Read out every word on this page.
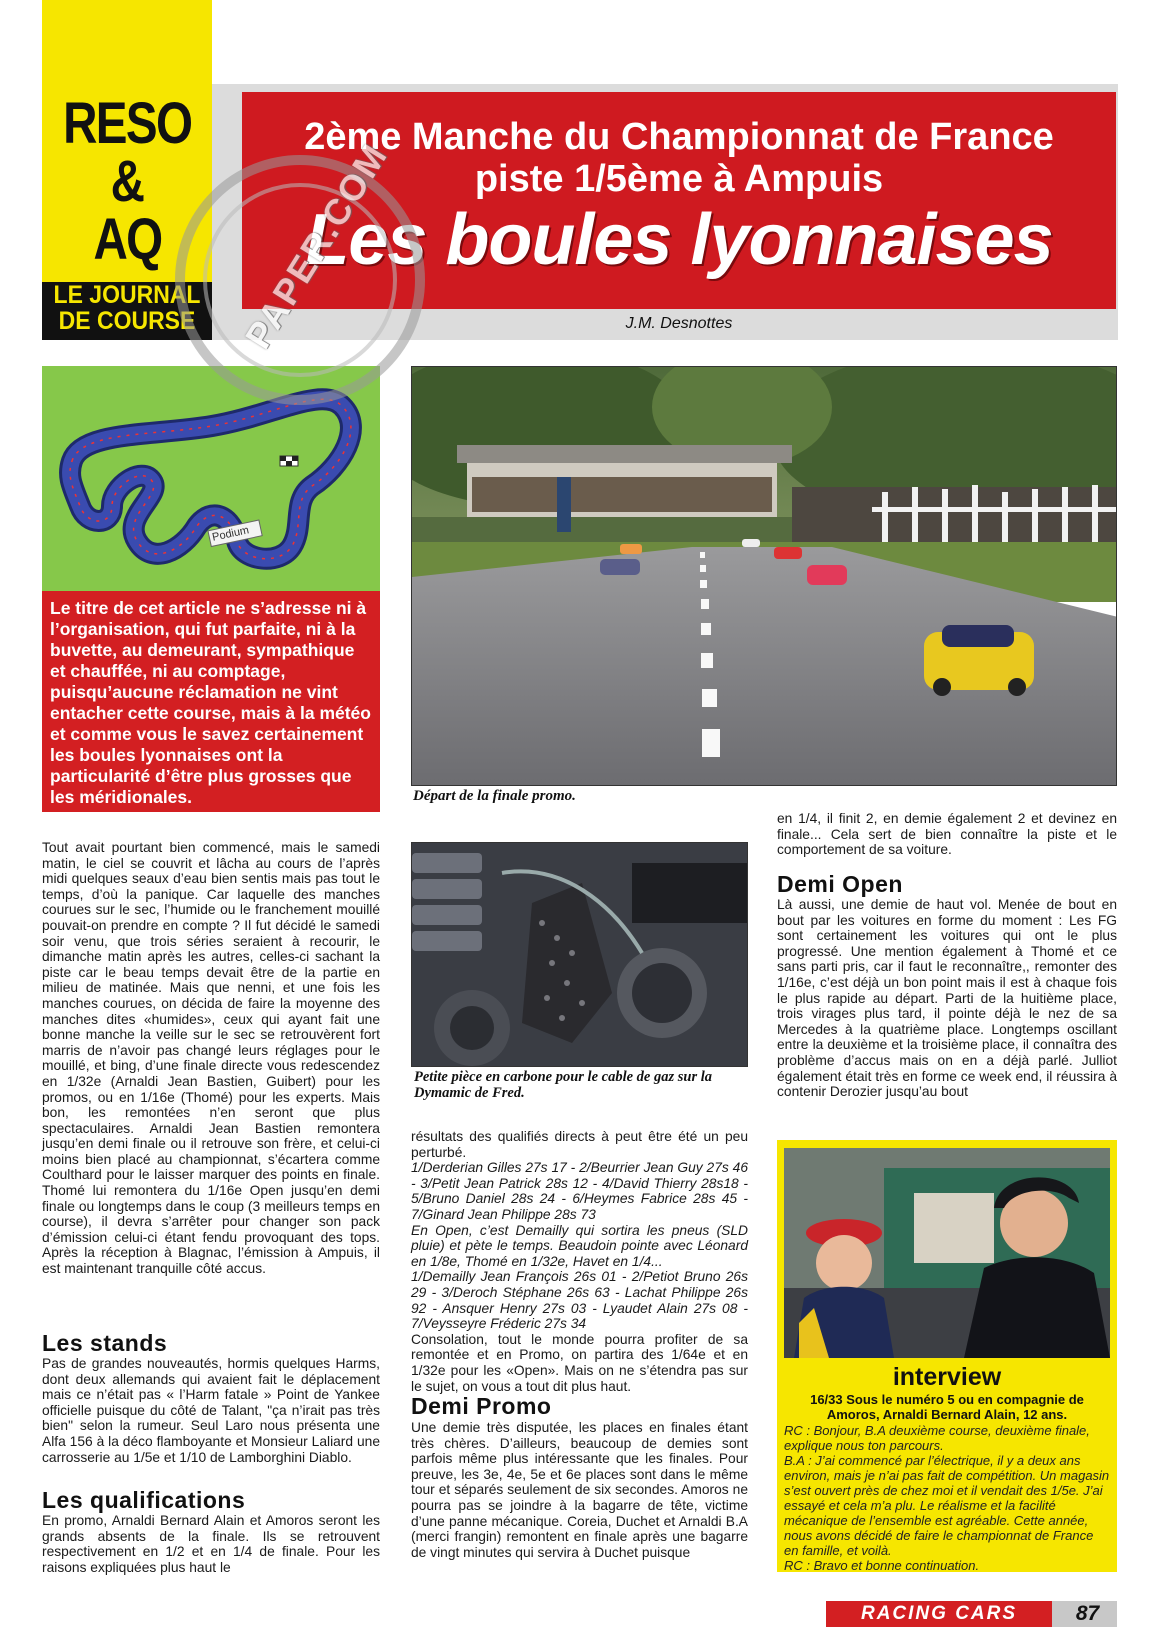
RESO
&
AQ
LE JOURNAL
DE COURSE
2ème Manche du Championnat de France
piste 1/5ème à Ampuis
Les boules lyonnaises
J.M. Desnottes
Podium
Le titre de cet article ne s’adresse ni à l’organisation, qui fut parfaite, ni à la buvette, au demeurant, sympathique et chauffée, ni au comptage, puisqu’aucune réclamation ne vint entacher cette course, mais à la météo et comme vous le savez certainement les boules lyonnaises ont la particularité d’être plus grosses que les méridionales.	Départ de la finale promo.
Petite pièce en carbone pour le cable de gaz sur la Dymamic de Fred.
Tout avait pourtant bien commencé, mais le samedi matin, le ciel se couvrit et lâcha au cours de l’après midi quelques seaux d’eau bien sentis mais pas tout le temps, d’où la panique. Car laquelle des manches courues sur le sec, l’humide ou le franchement mouillé pouvait-on prendre en compte ? Il fut décidé le samedi soir venu, que trois séries seraient à recourir, le dimanche matin après les autres, celles-ci sachant la piste car le beau temps devait être de la partie en milieu de matinée. Mais que nenni, et une fois les manches courues, on décida de faire la moyenne des manches dites «humides», ceux qui ayant fait une bonne manche la veille sur le sec se retrouvèrent fort marris de n’avoir pas changé leurs réglages pour le mouillé, et bing, d’une finale directe vous redescendez en 1/32e (Arnaldi Jean Bastien, Guibert) pour les promos, ou en 1/16e (Thomé) pour les experts. Mais bon, les remontées n’en seront que plus spectaculaires. Arnaldi Jean Bastien remontera jusqu’en demi finale ou il retrouve son frère, et celui-ci moins bien placé au championnat, s’écartera comme Coulthard pour le laisser marquer des points en finale. Thomé lui remontera du 1/16e Open jusqu’en demi finale ou longtemps dans le coup (3 meilleurs temps en course), il devra s’arrêter pour changer son pack d’émission celui-ci étant fendu provoquant des tops. Après la réception à Blagnac, l’émission à Ampuis, il est maintenant tranquille côté accus.
Les stands
Pas de grandes nouveautés, hormis quelques Harms, dont deux allemands qui avaient fait le déplacement mais ce n’était pas « l’Harm fatale » Point de Yankee officielle puisque du côté de Talant, "ça n’irait pas très bien" selon la rumeur. Seul Laro nous présenta une Alfa 156 à la déco flamboyante et Monsieur Laliard une carrosserie au 1/5e et 1/10 de Lamborghini Diablo.
Les qualifications
En promo, Arnaldi Bernard Alain et Amoros seront les grands absents de la finale. Ils se retrouvent respectivement en 1/2 et en 1/4 de finale. Pour les raisons expliquées plus haut le
résultats des qualifiés directs à peut être été un peu perturbé.
1/Derderian Gilles 27s 17 - 2/Beurrier Jean Guy 27s 46 - 3/Petit Jean Patrick 28s 12 - 4/David Thierry 28s18 - 5/Bruno Daniel 28s 24 - 6/Heymes Fabrice 28s 45 - 7/Ginard Jean Philippe 28s 73
En Open, c’est Demailly qui sortira les pneus (SLD pluie) et pète le temps. Beaudoin pointe avec Léonard en 1/8e, Thomé en 1/32e, Havet en 1/4...
1/Demailly Jean François 26s 01 - 2/Petiot Bruno 26s 29 - 3/Deroch Stéphane 26s 63 - Lachat Philippe 26s 92 - Ansquer Henry 27s 03 - Lyaudet Alain 27s 08 - 7/Veysseyre Fréderic 27s 34
Consolation, tout le monde pourra profiter de sa remontée et en Promo, on partira des 1/64e et en 1/32e pour les «Open». Mais on ne s’étendra pas sur le sujet, on vous a tout dit plus haut.
Demi Promo
Une demie très disputée, les places en finales étant très chères. D’ailleurs, beaucoup de demies sont parfois même plus intéressante que les finales. Pour preuve, les 3e, 4e, 5e et 6e places sont dans le même tour et séparés seulement de six secondes. Amoros ne pourra pas se joindre à la bagarre de tête, victime d’une panne mécanique. Coreia, Duchet et Arnaldi B.A (merci frangin) remontent en finale après une bagarre de vingt minutes qui servira à Duchet puisque
en 1/4, il finit 2, en demie également 2 et devinez en finale... Cela sert de bien connaître la piste et le comportement de sa voiture.
Demi Open
Là aussi, une demie de haut vol. Menée de bout en bout par les voitures en forme du moment : Les FG sont certainement les voitures qui ont le plus progressé. Une mention également à Thomé et ce sans parti pris, car il faut le reconnaître,, remonter des 1/16e, c’est déjà un bon point mais il est à chaque fois le plus rapide au départ. Parti de la huitième place, trois virages plus tard, il pointe déjà le nez de sa Mercedes à la quatrième place. Longtemps oscillant entre la deuxième et la troisième place, il connaîtra des problème d’accus mais on en a déjà parlé. Julliot également était très en forme ce week end, il réussira à contenir Derozier jusqu’au bout
interview
16/33 Sous le numéro 5 ou en compagnie de Amoros, Arnaldi Bernard Alain, 12 ans.
RC : Bonjour, B.A deuxième course, deuxième finale, explique nous ton parcours.
B.A : J’ai commencé par l’électrique, il y a deux ans environ, mais je n’ai pas fait de compétition. Un magasin s’est ouvert près de chez moi et il vendait des 1/5e. J’ai essayé et cela m’a plu. Le réalisme et la facilité mécanique de l’ensemble est agréable. Cette année, nous avons décidé de faire le championnat de France en famille, et voilà.
RC : Bravo et bonne continuation.
RACING CARS	87
PAPER.COM
